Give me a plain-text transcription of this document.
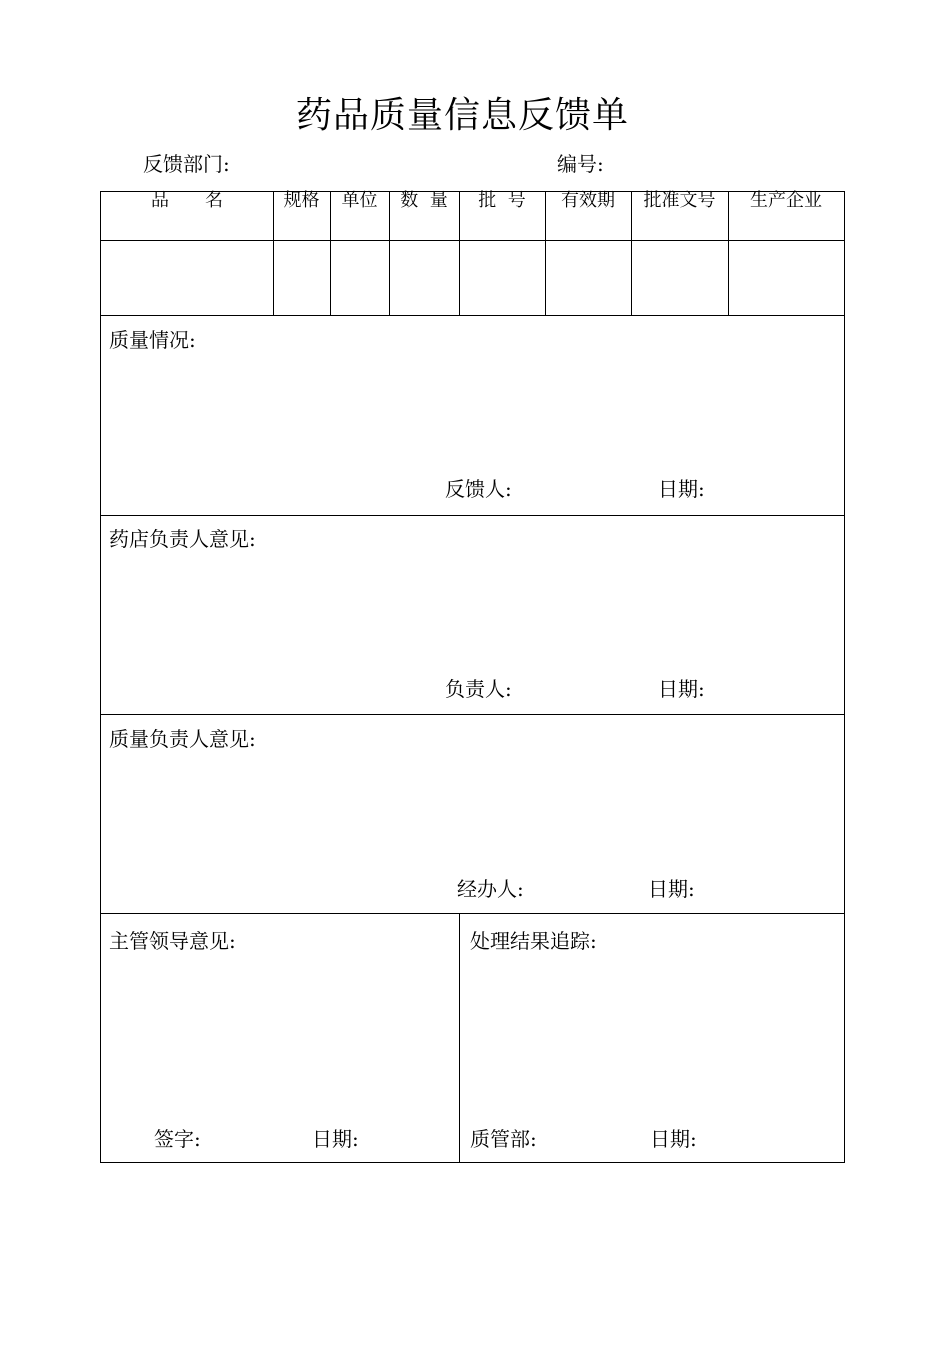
药品质量信息反馈单
反馈部门:	编号:
品　　名	规格	单位	数  量	批  号	有效期	批准文号	生产企业
质量情况:
反馈人:	日期:
药店负责人意见:
负责人:	日期:
质量负责人意见:
经办人:	日期:
主管领导意见:
签字:	日期:
处理结果追踪:
质管部:	日期:
